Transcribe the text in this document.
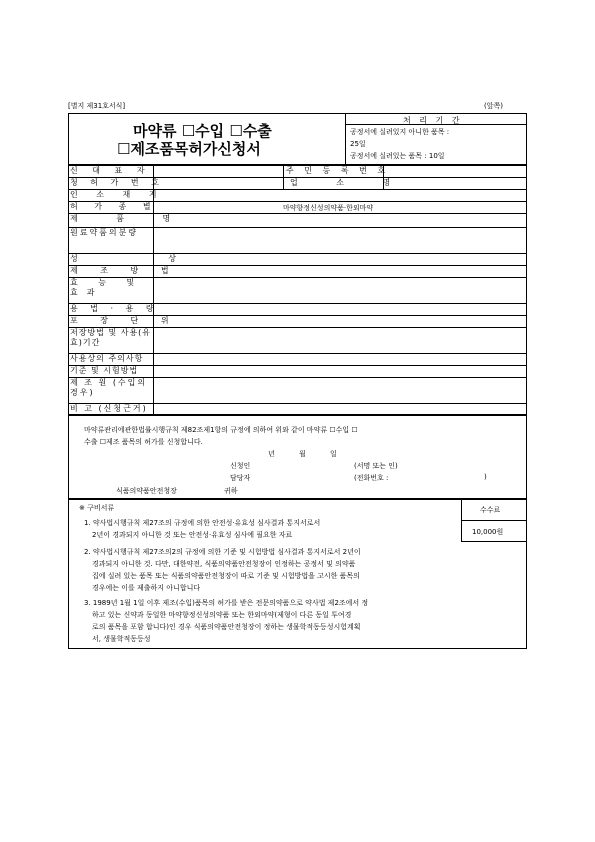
[별지 제31호서식]	(앞쪽)
마약류 ☐수입 ☐수출
☐제조품목허가신청서
처 리 기 간
공정서에 실려있지 아니한 품목 :
25일
공정서에 실려있는 품목 : 10일
신 대 표 자	주 민 등 록 번 호
청 허 가 번 호	업 소 명
인 소 재 지
허 가 종 별	마약향정신성의약품·한외마약
제 품 명
원료약품의분량
성 상
제 조 방 법
효 능 및 효과
용 법 · 용 량
포 장 단 위
저장방법 및 사용(유효)기간
사용상의 주의사항
기준 및 시험방법
제 조 원 (수입의 경우)
비 고 (신청근거)
마약류관리에관한법률시행규칙 제82조제1항의 규정에 의하여 위와 같이 마약류 ☐수입 ☐
수출 ☐제조 품목의 허가를 신청합니다.
년 월 일
신청인	(서명 또는 인)
담당자	(전화번호 :	)
식품의약품안전청장	귀하
수수료
10,000원
※ 구비서류
1. 약사법시행규칙 제27조의 규정에 의한 안전성·유효성 심사결과 통지서로서
2년이 경과되지 아니한 것 또는 안전성·유효성 심사에 필요한 자료
2. 약사법시행규칙 제27조의2의 규정에 의한 기준 및 시험방법 심사결과 통지서로서 2년이
경과되지 아니한 것. 다만, 대한약전, 식품의약품안전청장이 인정하는 공정서 및 의약품
집에 실려 있는 품목 또는 식품의약품안전청장이 따로 기준 및 시험방법을 고시한 품목의
경우에는 이를 제출하지 아니합니다
3. 1989년 1월 1일 이후 제조(수입)품목의 허가를 받은 전문의약품으로 약사법 제2조에서 정
하고 있는 신약과 동일한 마약향정신성의약품 또는 한외마약(제형이 다른 동일 투여경
로의 품목을 포함 합니다)인 경우 식품의약품안전청장이 정하는 생물학적동등성시험계획
서, 생물학적동등성
